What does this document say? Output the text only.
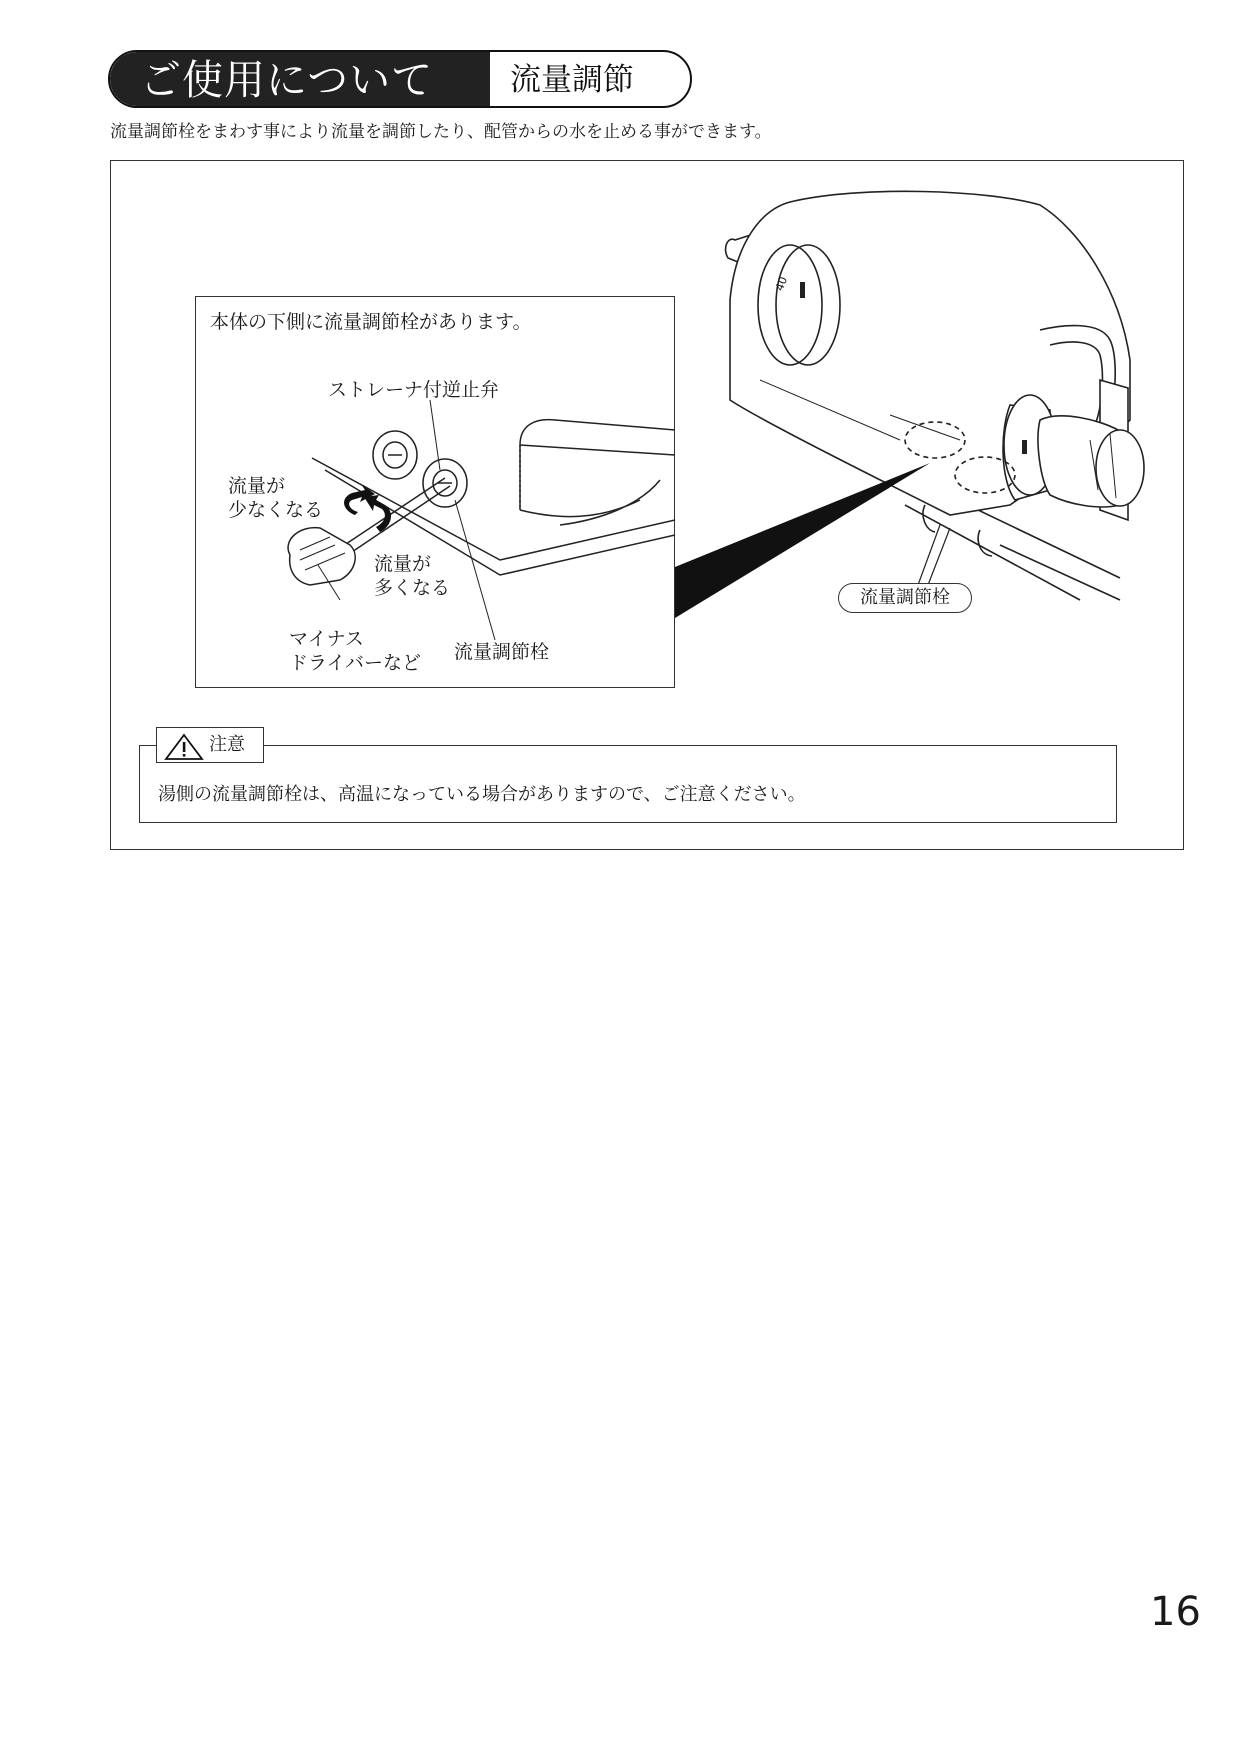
ご使用について 流量調節
流量調節栓をまわす事により流量を調節したり、配管からの水を止める事ができます。
40
流量調節栓
本体の下側に流量調節栓があります。
ストレーナ付逆止弁
流量が
少なくなる
流量が
多くなる
マイナス
ドライバーなど 流量調節栓
注意
湯側の流量調節栓は、高温になっている場合がありますので、ご注意ください。
16
